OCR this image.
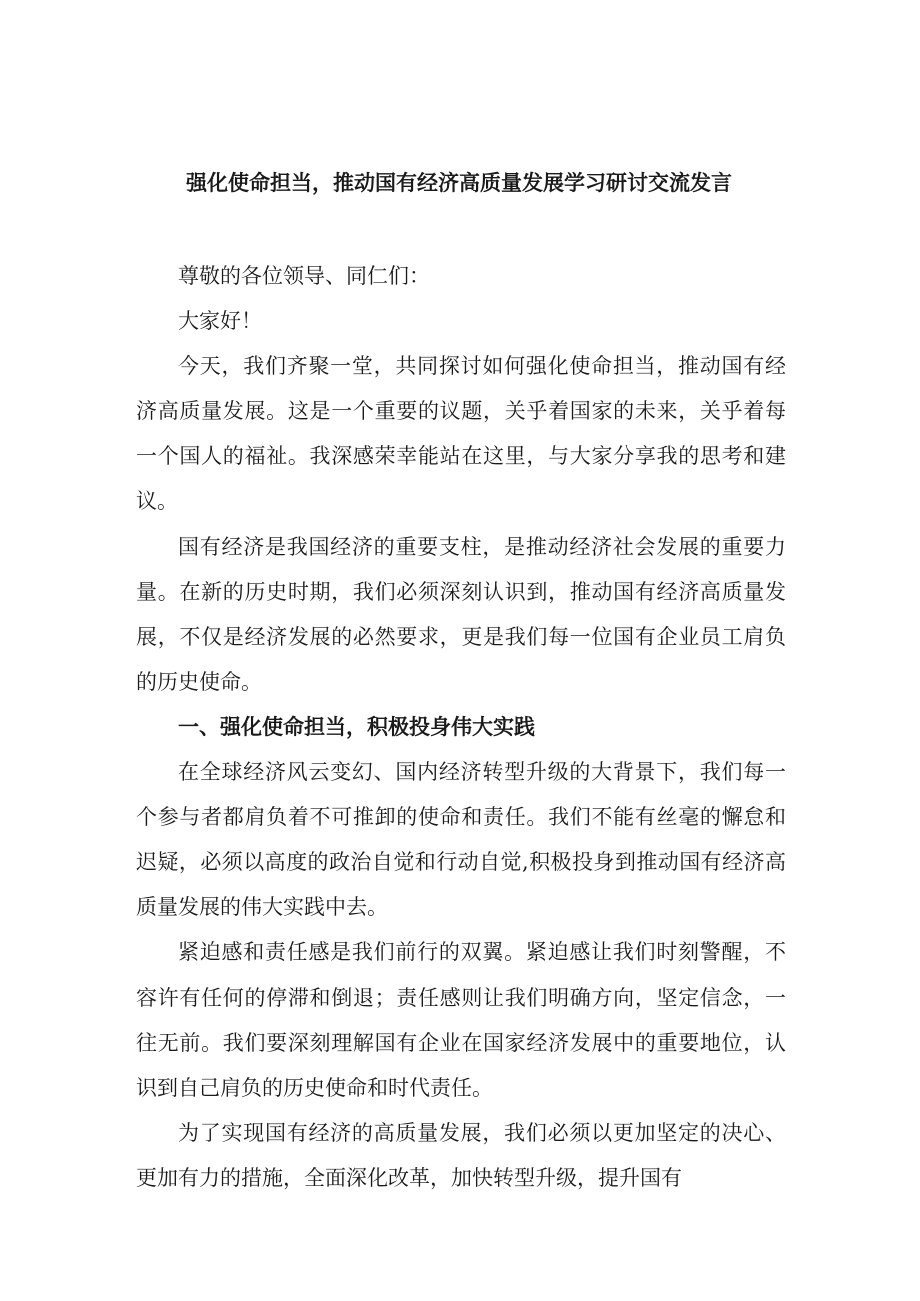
强化使命担当，推动国有经济高质量发展学习研讨交流发言

尊敬的各位领导、同仁们：

大家好！

今天，我们齐聚一堂，共同探讨如何强化使命担当，推动国有经济高质量发展。这是一个重要的议题，关乎着国家的未来，关乎着每一个国人的福祉。我深感荣幸能站在这里，与大家分享我的思考和建议。

国有经济是我国经济的重要支柱，是推动经济社会发展的重要力量。在新的历史时期，我们必须深刻认识到，推动国有经济高质量发展，不仅是经济发展的必然要求，更是我们每一位国有企业员工肩负的历史使命。

一、强化使命担当，积极投身伟大实践

在全球经济风云变幻、国内经济转型升级的大背景下，我们每一个参与者都肩负着不可推卸的使命和责任。我们不能有丝毫的懈怠和迟疑，必须以高度的政治自觉和行动自觉,积极投身到推动国有经济高质量发展的伟大实践中去。

紧迫感和责任感是我们前行的双翼。紧迫感让我们时刻警醒，不容许有任何的停滞和倒退；责任感则让我们明确方向，坚定信念，一往无前。我们要深刻理解国有企业在国家经济发展中的重要地位，认识到自己肩负的历史使命和时代责任。

为了实现国有经济的高质量发展，我们必须以更加坚定的决心、更加有力的措施，全面深化改革，加快转型升级，提升国有
